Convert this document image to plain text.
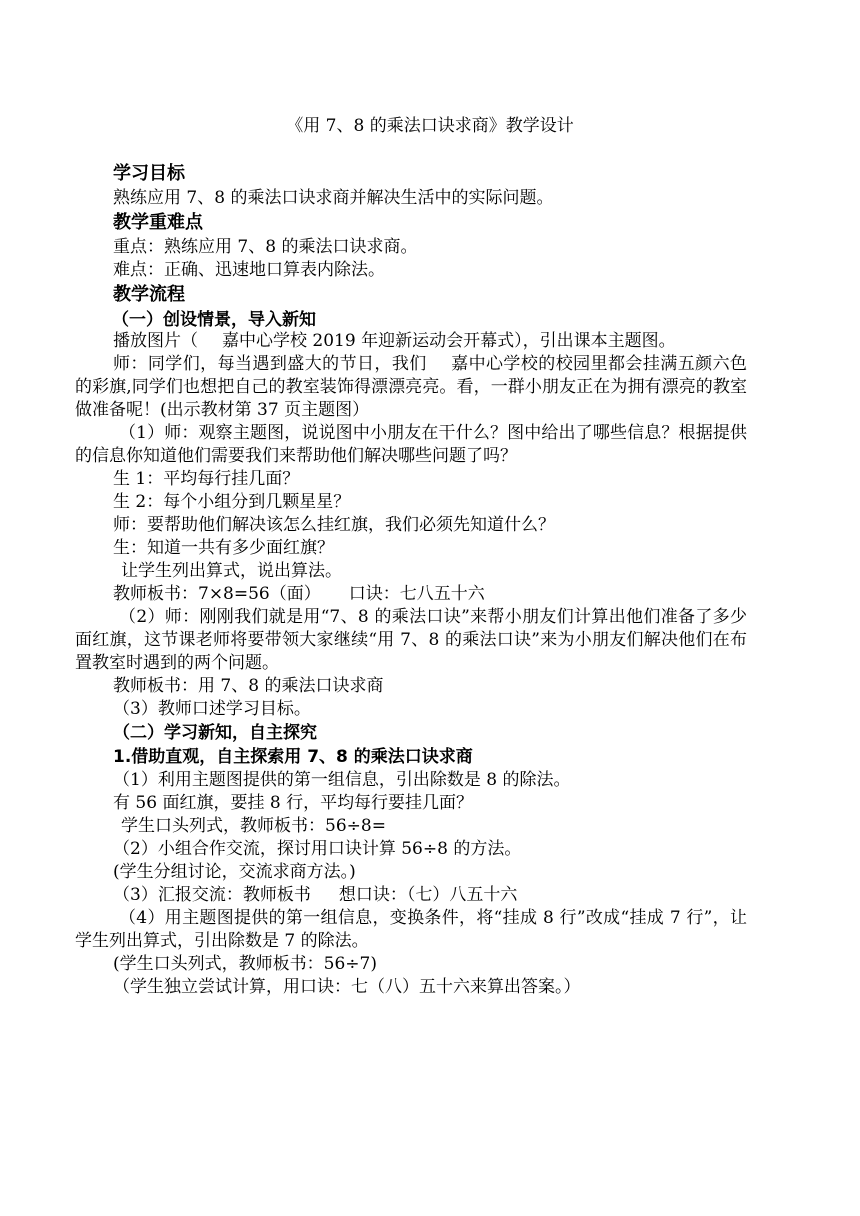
《用 7、8 的乘法口诀求商》教学设计
学习目标
熟练应用 7、8 的乘法口诀求商并解决生活中的实际问题。
教学重难点
重点：熟练应用 7、8 的乘法口诀求商。
难点：正确、迅速地口算表内除法。
教学流程
（一）创设情景，导入新知

播放图片（ 嘉中心学校 2019 年迎新运动会开幕式），引出课本主题图。

师：同学们，每当遇到盛大的节日，我们 嘉中心学校的校园里都会挂满五颜六色的彩旗,同学们也想把自己的教室装饰得漂漂亮亮。看，一群小朋友正在为拥有漂亮的教室做准备呢！(出示教材第 37 页主题图）

（1）师：观察主题图，说说图中小朋友在干什么？图中给出了哪些信息？根据提供的信息你知道他们需要我们来帮助他们解决哪些问题了吗？

生 1：平均每行挂几面？

生 2：每个小组分到几颗星星？

师：要帮助他们解决该怎么挂红旗，我们必须先知道什么？

生：知道一共有多少面红旗？

让学生列出算式，说出算法。

教师板书：7×8=56（面） 口诀：七八五十六

（2）师：刚刚我们就是用“7、8 的乘法口诀”来帮小朋友们计算出他们准备了多少面红旗，这节课老师将要带领大家继续“用 7、8 的乘法口诀”来为小朋友们解决他们在布置教室时遇到的两个问题。

教师板书：用 7、8 的乘法口诀求商

（3）教师口述学习目标。

（二）学习新知，自主探究

1.借助直观，自主探索用 7、8 的乘法口诀求商

（1）利用主题图提供的第一组信息，引出除数是 8 的除法。

有 56 面红旗，要挂 8 行，平均每行要挂几面？

学生口头列式，教师板书：56÷8=

（2）小组合作交流，探讨用口诀计算 56÷8 的方法。

(学生分组讨论，交流求商方法。)

（3）汇报交流：教师板书 想口诀：（七）八五十六

（4）用主题图提供的第一组信息，变换条件，将“挂成 8 行”改成“挂成 7 行”，让学生列出算式，引出除数是 7 的除法。

(学生口头列式，教师板书：56÷7)

（学生独立尝试计算，用口诀：七（八）五十六来算出答案。）
